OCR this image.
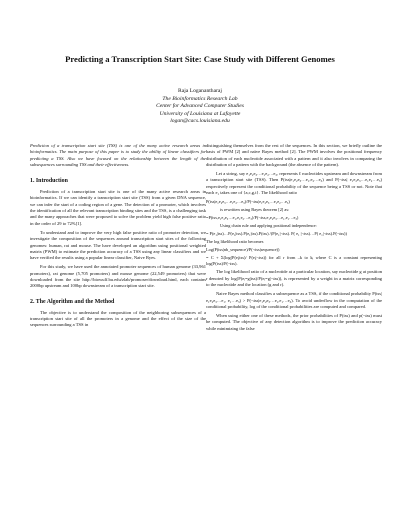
Predicting a Transcription Start Site: Case Study with Different Genomes
Raja Loganantharaj
The Bioinformatics Research Lab
Center for Advanced Computer Studies
University of Louisiana at Lafayette
logan@cacs.louisiana.edu

Prediction of a transcription start site (TSS) is one of the many active research areas in bioinformatics. The main purpose of this paper is to study the ability of linear classifiers for predicting a TSS. Also we have focused on the relationship between the length of the subsequences surrounding TSS and their effectiveness.

1. Introduction

Prediction of a transcription start site is one of the many active research areas in bioinformatics. If we can identify a transcription start site (TSS) from a given DNA sequence, we can infer the start of a coding region of a gene. The detection of a promoter, which involves the identification of all the relevant transcription binding sites and the TSS, is a challenging task and the many approaches that were proposed to solve the problem yield high false positive ratio in the order of 29 to 72%[1].

To understand and to improve the very high false positive ratio of promoter detection, we investigate the composition of the sequences around transcription start sites of the following genomes: human, rat and mouse. The have developed an algorithm using positional weighted matrix (PWM) to estimate the prediction accuracy of a TSS using any linear classifiers and we have verified the results using a popular linear classifier, Naive Byes.

For this study, we have used the annotated promoter sequences of human genome (33,961 promoters), rat genome (5,705 promoters) and mouse genome (22,549 promoters) that were downloaded from the site http://biowulf.bu.edu/zlab/promoser/download.html, each contains 2000bp upstream and 100bp downstream of a transcription start site.

2. The Algorithm and the Method

The objective is to understand the composition of the neighboring subsequences of a transcription start site of all the promoters in a genome and the effect of the size of the sequences surrounding a TSS in

distinguishing themselves from the rest of the sequences. In this section, we briefly outline the basis of PWM [2] and naïve Bayes method [2]. The PWM involves the positional frequency distribution of each nucleotide associated with a pattern and it also involves in comparing the distribution of a pattern with the background (the absence of the pattern).

Let a string, say e₁e₂e₃…e₁e₂…e₃, represents ℓ nucleotides upstream and downstream from a transcription start site (TSS). Then P(tss|e₁e₂e₃…e₁,e₂…e₃) and P(¬tss| e₁e₂e₃…e₁e₂…e₃) respectively represent the conditional probability of the sequence being a TSS or not. Note that each e₁ takes one of {a,c,g,t}. The likelihood ratio

P(tss|e₁e₂e₃…e₁e₂…e₃)/P(¬tss|e₁e₂e₃…e₁e₂…e₃)
is rewritten using Bayes theorem [2] as:
=P(tss,e₁e₂e₃…e₁,e₁e₂…e₃)/P(¬tss,e₁e₂e₃…e₁,e₁…e₃)
Using chain rule and applying positional independence:
= P(e₁|tss)…P(e₁|tss).P(e₁|tss).P(tss) /(P(e₁|¬tss). P( e₁ |¬tss)…P( e₁|¬tss).P(¬tss))
The log likelihood ratio becomes
Log(P(tss|nb_sequence)/P(¬tss|sequence))
= C + Σ(log(P(eᵢ|tss)/ P(eᵢ|¬tss)) for all r from –k to kᵢ where C is a constant representing log(P(tss)/P(¬tss).

The log likelihood ratio of a nucleotide at a particular location, say nucleotide g at position r denoted by log(P(eᵢ=g|tss)/P(eᵢ=g|¬tss)), is represented by a weight in a matrix corresponding to the nucleotide and the location (g and r).

Naive Bayes method classifies a subsequence as a TSS, if the conditional probability P(tss| e₁e₂e₃…e₁, e₁…e₃) > P(¬tss|e₁e₂e₃…e₁,e₁…e₃). To avoid underflow in the computation of the conditional probability, log of the conditional probabilities are computed and compared.

When using either one of these methods, the prior probabilities of P(tss) and p(¬tss) must be computed. The objective of any detection algorithm is to improve the prediction accuracy while minimizing the false
